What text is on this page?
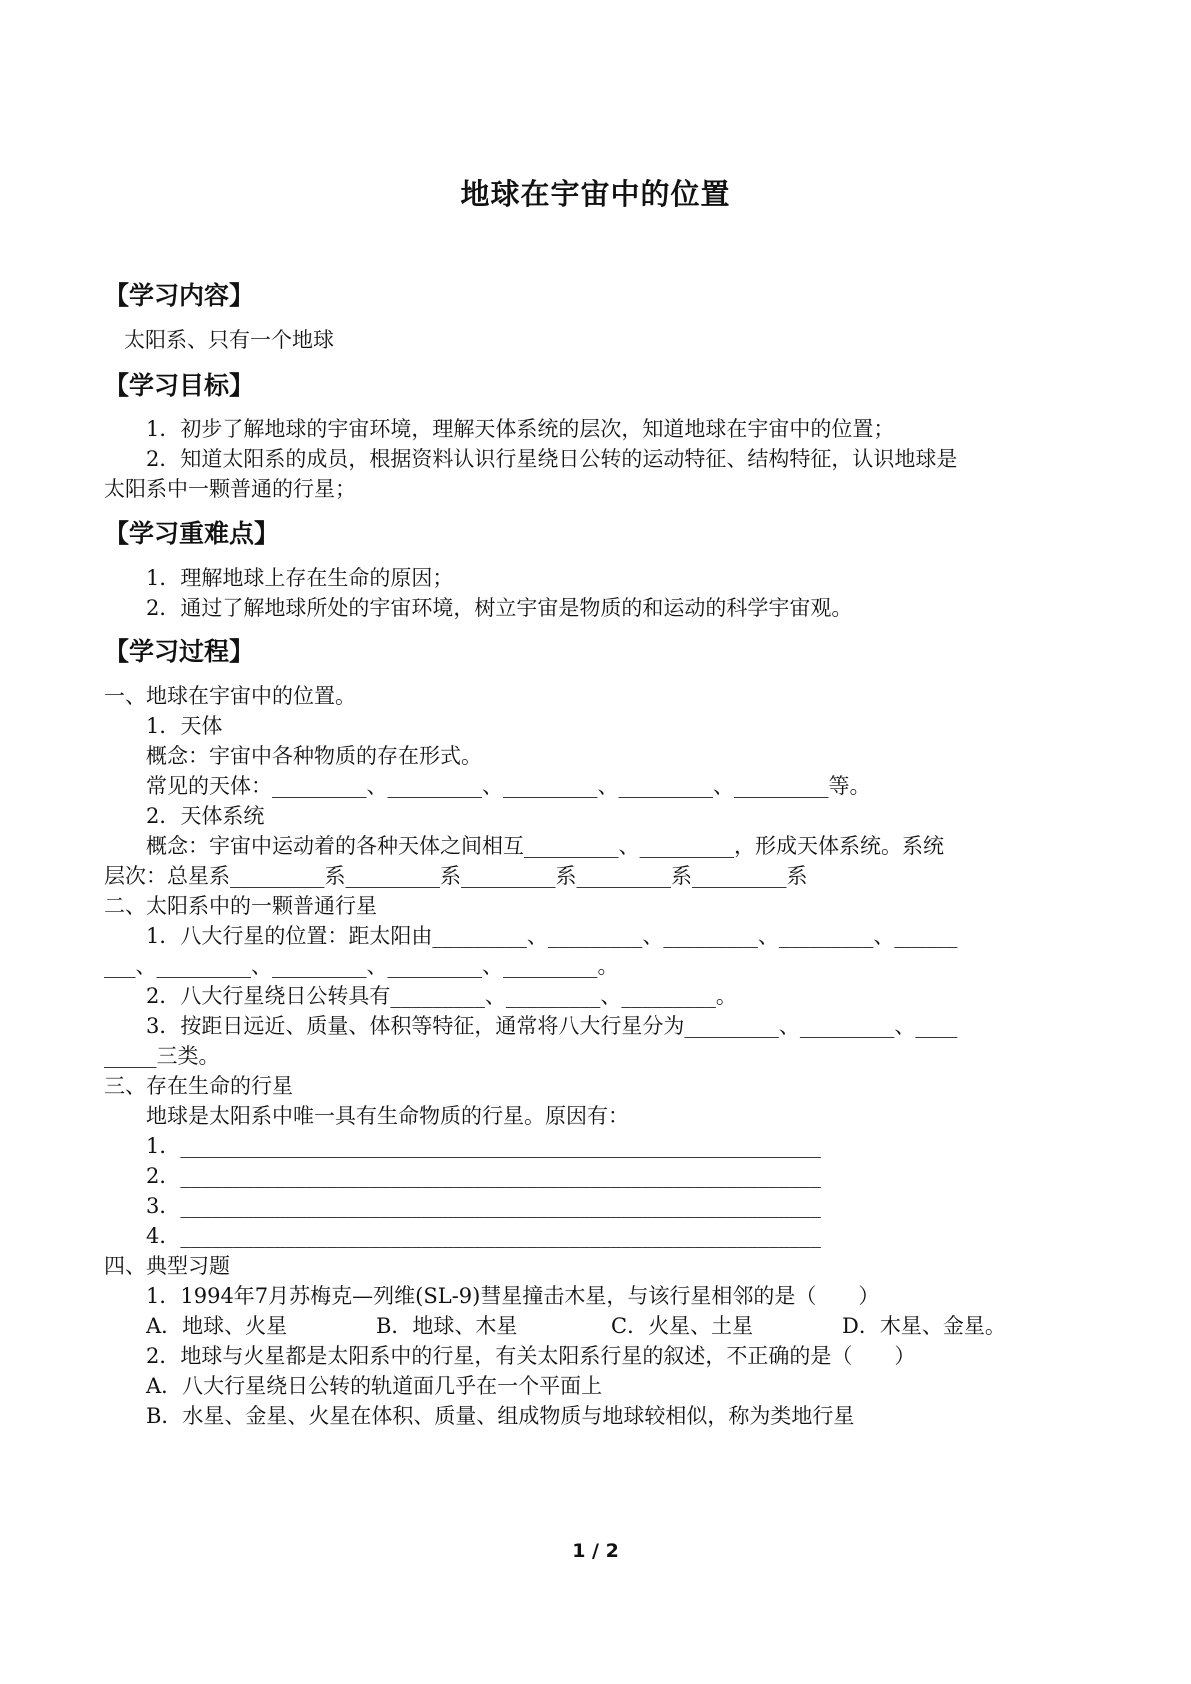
地球在宇宙中的位置
【学习内容】
太阳系、只有一个地球
【学习目标】
1．初步了解地球的宇宙环境，理解天体系统的层次，知道地球在宇宙中的位置；
2．知道太阳系的成员，根据资料认识行星绕日公转的运动特征、结构特征，认识地球是
太阳系中一颗普通的行星；
【学习重难点】
1．理解地球上存在生命的原因；
2．通过了解地球所处的宇宙环境，树立宇宙是物质的和运动的科学宇宙观。
【学习过程】
一、地球在宇宙中的位置。
1．天体
概念：宇宙中各种物质的存在形式。
常见的天体：_________、_________、_________、_________、_________等。
2．天体系统
概念：宇宙中运动着的各种天体之间相互_________、_________，形成天体系统。系统
层次：总星系_________系_________系_________系_________系_________系
二、太阳系中的一颗普通行星
1．八大行星的位置：距太阳由_________、_________、_________、_________、______
___、_________、_________、_________、_________。
2．八大行星绕日公转具有_________、_________、_________。
3．按距日远近、质量、体积等特征，通常将八大行星分为_________、_________、____
_____三类。
三、存在生命的行星
地球是太阳系中唯一具有生命物质的行星。原因有：
1．_____________________________________________________________
2．_____________________________________________________________
3．_____________________________________________________________
4．_____________________________________________________________
四、典型习题
1．1994年7月苏梅克—列维(SL-9)彗星撞击木星，与该行星相邻的是（　　）
A．地球、火星	B．地球、木星	C．火星、土星	D．木星、金星。
2．地球与火星都是太阳系中的行星，有关太阳系行星的叙述，不正确的是（　　）
A．八大行星绕日公转的轨道面几乎在一个平面上
B．水星、金星、火星在体积、质量、组成物质与地球较相似，称为类地行星
1 / 2
